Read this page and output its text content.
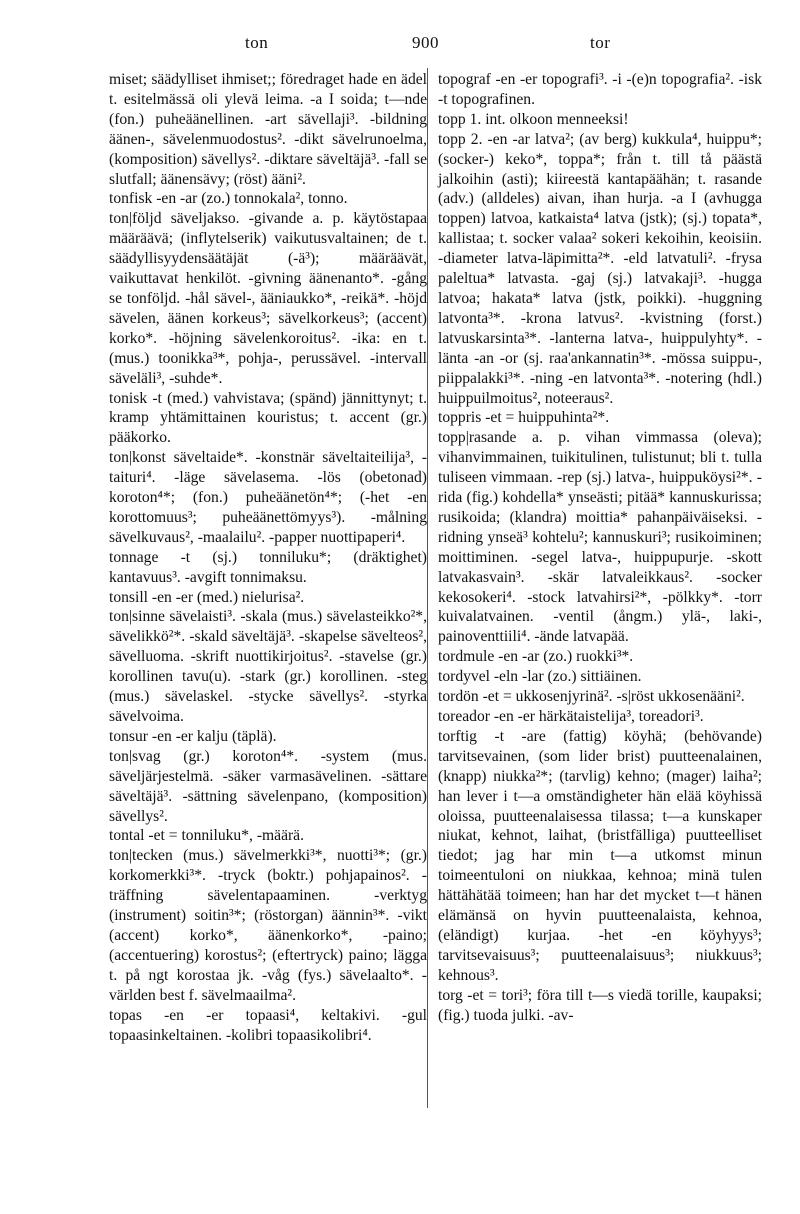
ton	900	tor

miset; säädylliset ihmiset;; föredraget hade en ädel t. esitelmässä oli ylevä leima. -a I soida; t—nde (fon.) puheäänellinen. -art sävellaji³. -bildning äänen-, sävelenmuodostus². -dikt sävelrunoelma, (komposition) sävellys². -diktare säveltäjä³. -fall se slutfall; äänensävy; (röst) ääni².

tonfisk -en -ar (zo.) tonnokala², tonno.

ton|följd säveljakso. -givande a. p. käytöstapaa määräävä; (inflytelserik) vaikutusvaltainen; de t. säädyllisyydensäätäjät (-ä³); määräävät, vaikuttavat henkilöt. -givning äänenanto*. -gång se tonföljd. -hål sävel-, ääniaukko*, -reikä*. -höjd sävelen, äänen korkeus³; sävelkorkeus³; (accent) korko*. -höjning sävelenkoroitus². -ika: en t. (mus.) toonikka³*, pohja-, perussävel. -intervall säveläli³, -suhde*.

tonisk -t (med.) vahvistava; (spänd) jännittynyt; t. kramp yhtämittainen kouristus; t. accent (gr.) pääkorko.

ton|konst säveltaide*. -konstnär säveltaiteilija³, -taituri⁴. -läge sävelasema. -lös (obetonad) koroton⁴*; (fon.) puheäänetön⁴*; (-het -en korottomuus³; puheäänettömyys³). -målning sävelkuvaus², -maalailu². -papper nuottipaperi⁴.

tonnage -t (sj.) tonniluku*; (dräktighet) kantavuus³. -avgift tonnimaksu.

tonsill -en -er (med.) nielurisa².

ton|sinne sävelaisti³. -skala (mus.) sävelasteikko²*, sävelikkö²*. -skald säveltäjä³. -skapelse sävelteos², sävelluoma. -skrift nuottikirjoitus². -stavelse (gr.) korollinen tavu(u). -stark (gr.) korollinen. -steg (mus.) sävelaskel. -stycke sävellys². -styrka sävelvoima.

tonsur -en -er kalju (täplä).

ton|svag (gr.) koroton⁴*. -system (mus. säveljärjestelmä. -säker varmasävelinen. -sättare säveltäjä³. -sättning sävelenpano, (komposition) sävellys².

tontal -et = tonniluku*, -määrä.

ton|tecken (mus.) sävelmerkki³*, nuotti³*; (gr.) korkomerkki³*. -tryck (boktr.) pohjapainos². -träffning sävelentapaaminen. -verktyg (instrument) soitin³*; (röstorgan) äännin³*. -vikt (accent) korko*, äänenkorko*, -paino; (accentuering) korostus²; (eftertryck) paino; lägga t. på ngt korostaa jk. -våg (fys.) sävelaalto*. -världen best f. sävelmaailma².

topas -en -er topaasi⁴, keltakivi. -gul topaasinkeltainen. -kolibri topaasikolibri⁴.

topograf -en -er topografi³. -i -(e)n topografia². -isk -t topografinen.

topp 1. int. olkoon menneeksi!

topp 2. -en -ar latva²; (av berg) kukkula⁴, huippu*; (socker-) keko*, toppa*; från t. till tå päästä jalkoihin (asti); kiireestä kantapäähän; t. rasande (adv.) (alldeles) aivan, ihan hurja. -a I (avhugga toppen) latvoa, katkaista⁴ latva (jstk); (sj.) topata*, kallistaa; t. socker valaa² sokeri kekoihin, keoisiin. -diameter latva-läpimitta²*. -eld latvatuli². -frysa paleltua* latvasta. -gaj (sj.) latvakaji³. -hugga latvoa; hakata* latva (jstk, poikki). -huggning latvonta³*. -krona latvus². -kvistning (forst.) latvuskarsinta³*. -lanterna latva-, huippulyhty*. -länta -an -or (sj. raa'ankannatin³*. -mössa suippu-, piippalakki³*. -ning -en latvonta³*. -notering (hdl.) huippuilmoitus², noteeraus².

toppris -et = huippuhinta²*.

topp|rasande a. p. vihan vimmassa (oleva); vihanvimmainen, tuikitulinen, tulistunut; bli t. tulla tuliseen vimmaan. -rep (sj.) latva-, huippuköysi²*. -rida (fig.) kohdella* ynseästi; pitää* kannuskurissa; rusikoida; (klandra) moittia* pahanpäiväiseksi. -ridning ynseä³ kohtelu²; kannuskuri³; rusikoiminen; moittiminen. -segel latva-, huippupurje. -skott latvakasvain³. -skär latvaleikkaus². -socker kekosokeri⁴. -stock latvahirsi²*, -pölkky*. -torr kuivalatvainen. -ventil (ångm.) ylä-, laki-, painoventtiili⁴. -ände latvapää.

tordmule -en -ar (zo.) ruokki³*.

tordyvel -eln -lar (zo.) sittiäinen.

tordön -et = ukkosenjyrinä². -s|röst ukkosenääni².

toreador -en -er härkätaistelija³, toreadori³.

torftig -t -are (fattig) köyhä; (behövande) tarvitsevainen, (som lider brist) puutteenalainen, (knapp) niukka²*; (tarvlig) kehno; (mager) laiha²; han lever i t—a omständigheter hän elää köyhissä oloissa, puutteenalaisessa tilassa; t—a kunskaper niukat, kehnot, laihat, (bristfälliga) puutteelliset tiedot; jag har min t—a utkomst minun toimeentuloni on niukkaa, kehnoa; minä tulen hättähätää toimeen; han har det mycket t—t hänen elämänsä on hyvin puutteenalaista, kehnoa, (eländigt) kurjaa. -het -en köyhyys³; tarvitsevaisuus³; puutteenalaisuus³; niukkuus³; kehnous³.

torg -et = tori³; föra till t—s viedä torille, kaupaksi; (fig.) tuoda julki. -av-
